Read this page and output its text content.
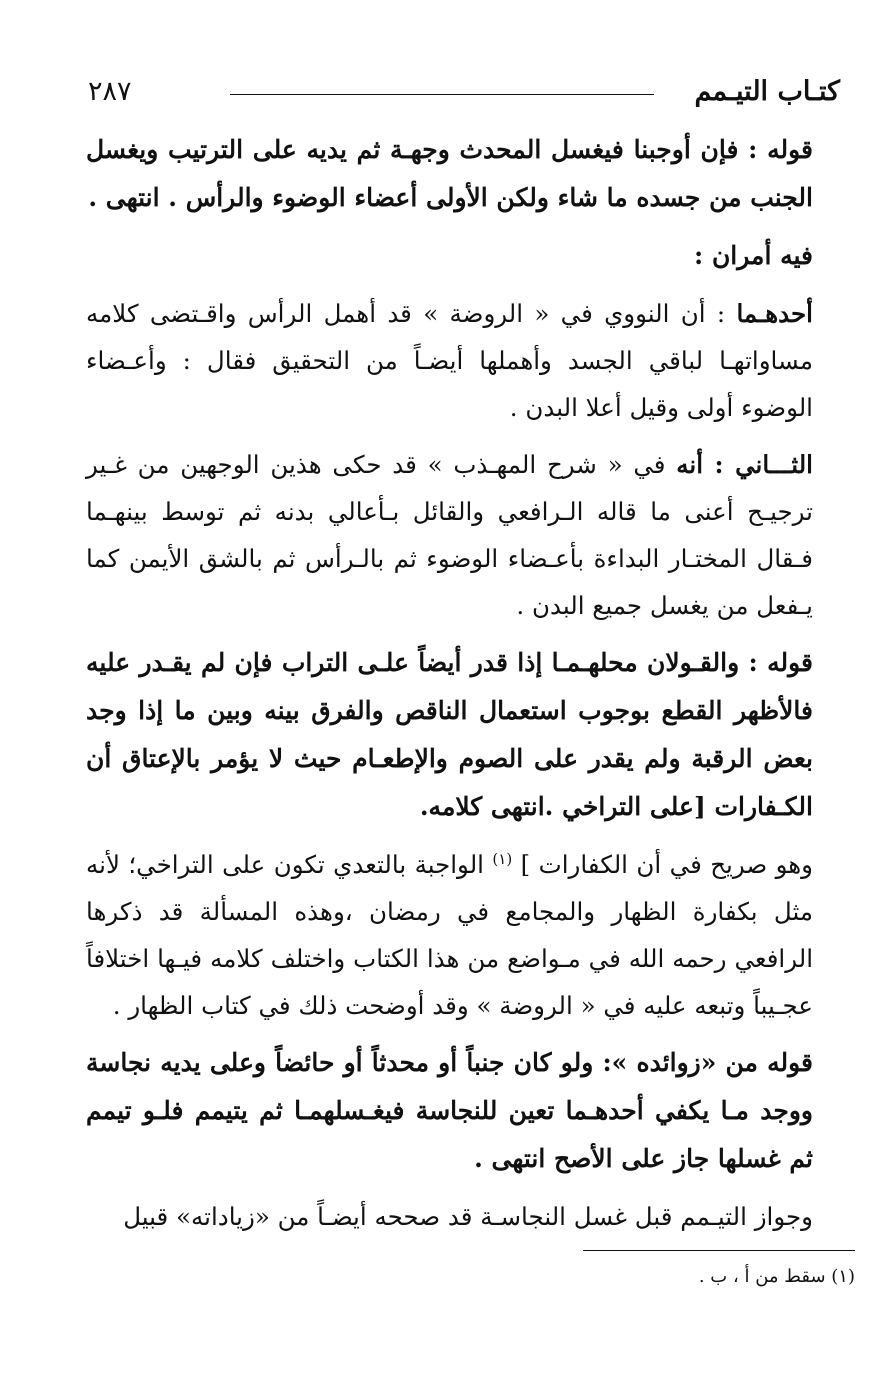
٢٨٧	كتـاب التيـمم

قوله : فإن أوجبنا فيغسل المحدث وجهـة ثم يديه على الترتيب ويغسل الجنب من جسده ما شاء ولكن الأولى أعضاء الوضوء والرأس . انتهى .

فيه أمران :

أحدهـما : أن النووي في « الروضة » قد أهمل الرأس واقـتضى كلامه مساواتهـا لباقي الجسد وأهملها أيضـاً من التحقيق فقال : وأعـضاء الوضوء أولى وقيل أعلا البدن .

الثـــاني : أنه في « شرح المهـذب » قد حكى هذين الوجهين من غـير ترجيـح أعنى ما قاله الـرافعي والقائل بـأعالي بدنه ثم توسط بينهـما فـقال المختـار البداءة بأعـضاء الوضوء ثم بالـرأس ثم بالشق الأيمن كما يـفعل من يغسل جميع البدن .

قوله : والقـولان محلهـمـا إذا قدر أيضاً علـى التراب فإن لم يقـدر عليه فالأظهر القطع بوجوب استعمال الناقص والفرق بينه وبين ما إذا وجد بعض الرقبة ولم يقدر على الصوم والإطعـام حيث لا يؤمر بالإعتاق أن الكـفارات [على التراخي .انتهى كلامه.

وهو صريح في أن الكفارات ] $^{(١)}$ الواجبة بالتعدي تكون على التراخي؛ لأنه مثل بكفارة الظهار والمجامع في رمضان ،وهذه المسألة قد ذكرها الرافعي رحمه الله في مـواضع من هذا الكتاب واختلف كلامه فيـها اختلافاً عجـيباً وتبعه عليه في « الروضة » وقد أوضحت ذلك في كتاب الظهار .

قوله من «زوائده »: ولو كان جنباً أو محدثاً أو حائضاً وعلى يديه نجاسة ووجد مـا يكفي أحدهـما تعين للنجاسة فيغـسلهمـا ثم يتيمم فلـو تيمم ثم غسلها جاز على الأصح انتهى .

وجواز التيـمم قبل غسل النجاسـة قد صححه أيضـاً من «زياداته» قبيل

(١) سقط من أ ، ب .
